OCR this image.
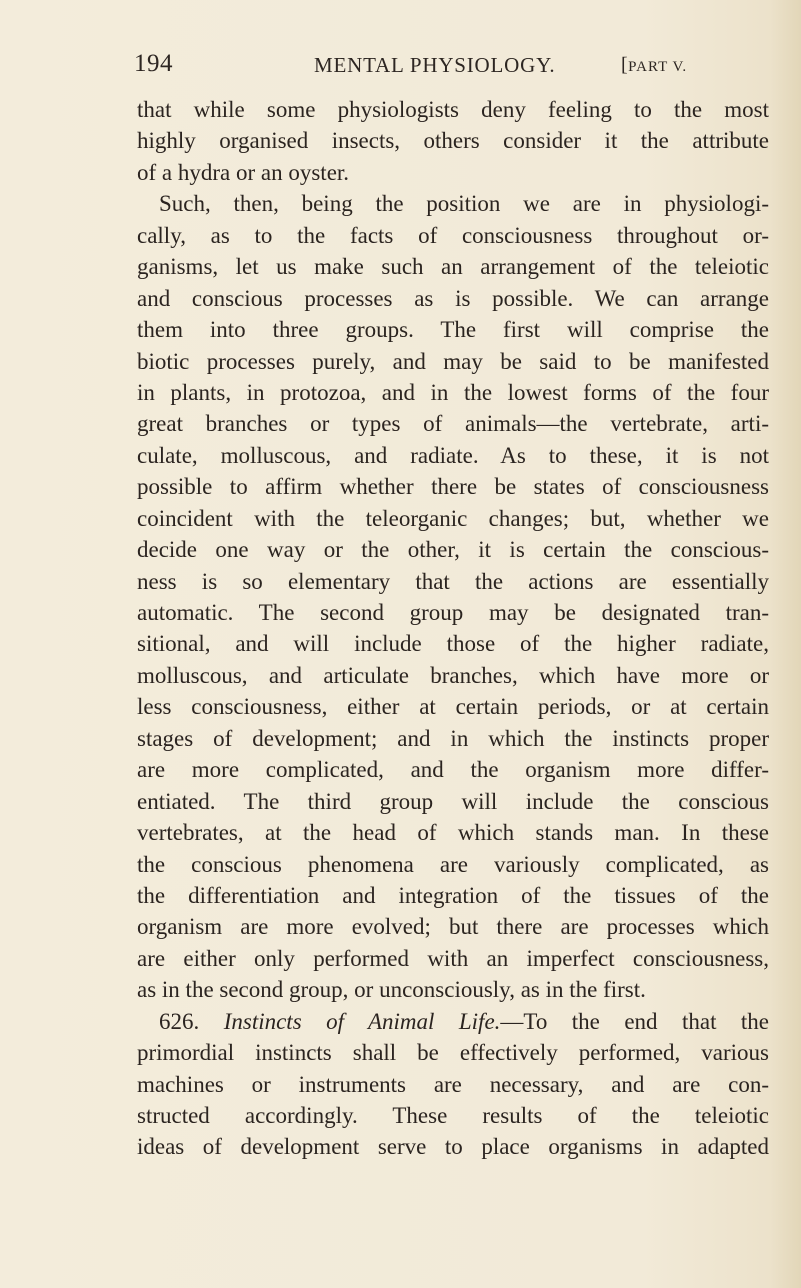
194	MENTAL PHYSIOLOGY.	[PART V.
that while some physiologists deny feeling to the most
highly organised insects, others consider it the attribute
of a hydra or an oyster.
Such, then, being the position we are in physiologi-
cally, as to the facts of consciousness throughout or-
ganisms, let us make such an arrangement of the teleiotic
and conscious processes as is possible. We can arrange
them into three groups. The first will comprise the
biotic processes purely, and may be said to be manifested
in plants, in protozoa, and in the lowest forms of the four
great branches or types of animals—the vertebrate, arti-
culate, molluscous, and radiate. As to these, it is not
possible to affirm whether there be states of consciousness
coincident with the teleorganic changes; but, whether we
decide one way or the other, it is certain the conscious-
ness is so elementary that the actions are essentially
automatic. The second group may be designated tran-
sitional, and will include those of the higher radiate,
molluscous, and articulate branches, which have more or
less consciousness, either at certain periods, or at certain
stages of development; and in which the instincts proper
are more complicated, and the organism more differ-
entiated. The third group will include the conscious
vertebrates, at the head of which stands man. In these
the conscious phenomena are variously complicated, as
the differentiation and integration of the tissues of the
organism are more evolved; but there are processes which
are either only performed with an imperfect consciousness,
as in the second group, or unconsciously, as in the first.
626. Instincts of Animal Life.—To the end that the
primordial instincts shall be effectively performed, various
machines or instruments are necessary, and are con-
structed accordingly. These results of the teleiotic
ideas of development serve to place organisms in adapted
